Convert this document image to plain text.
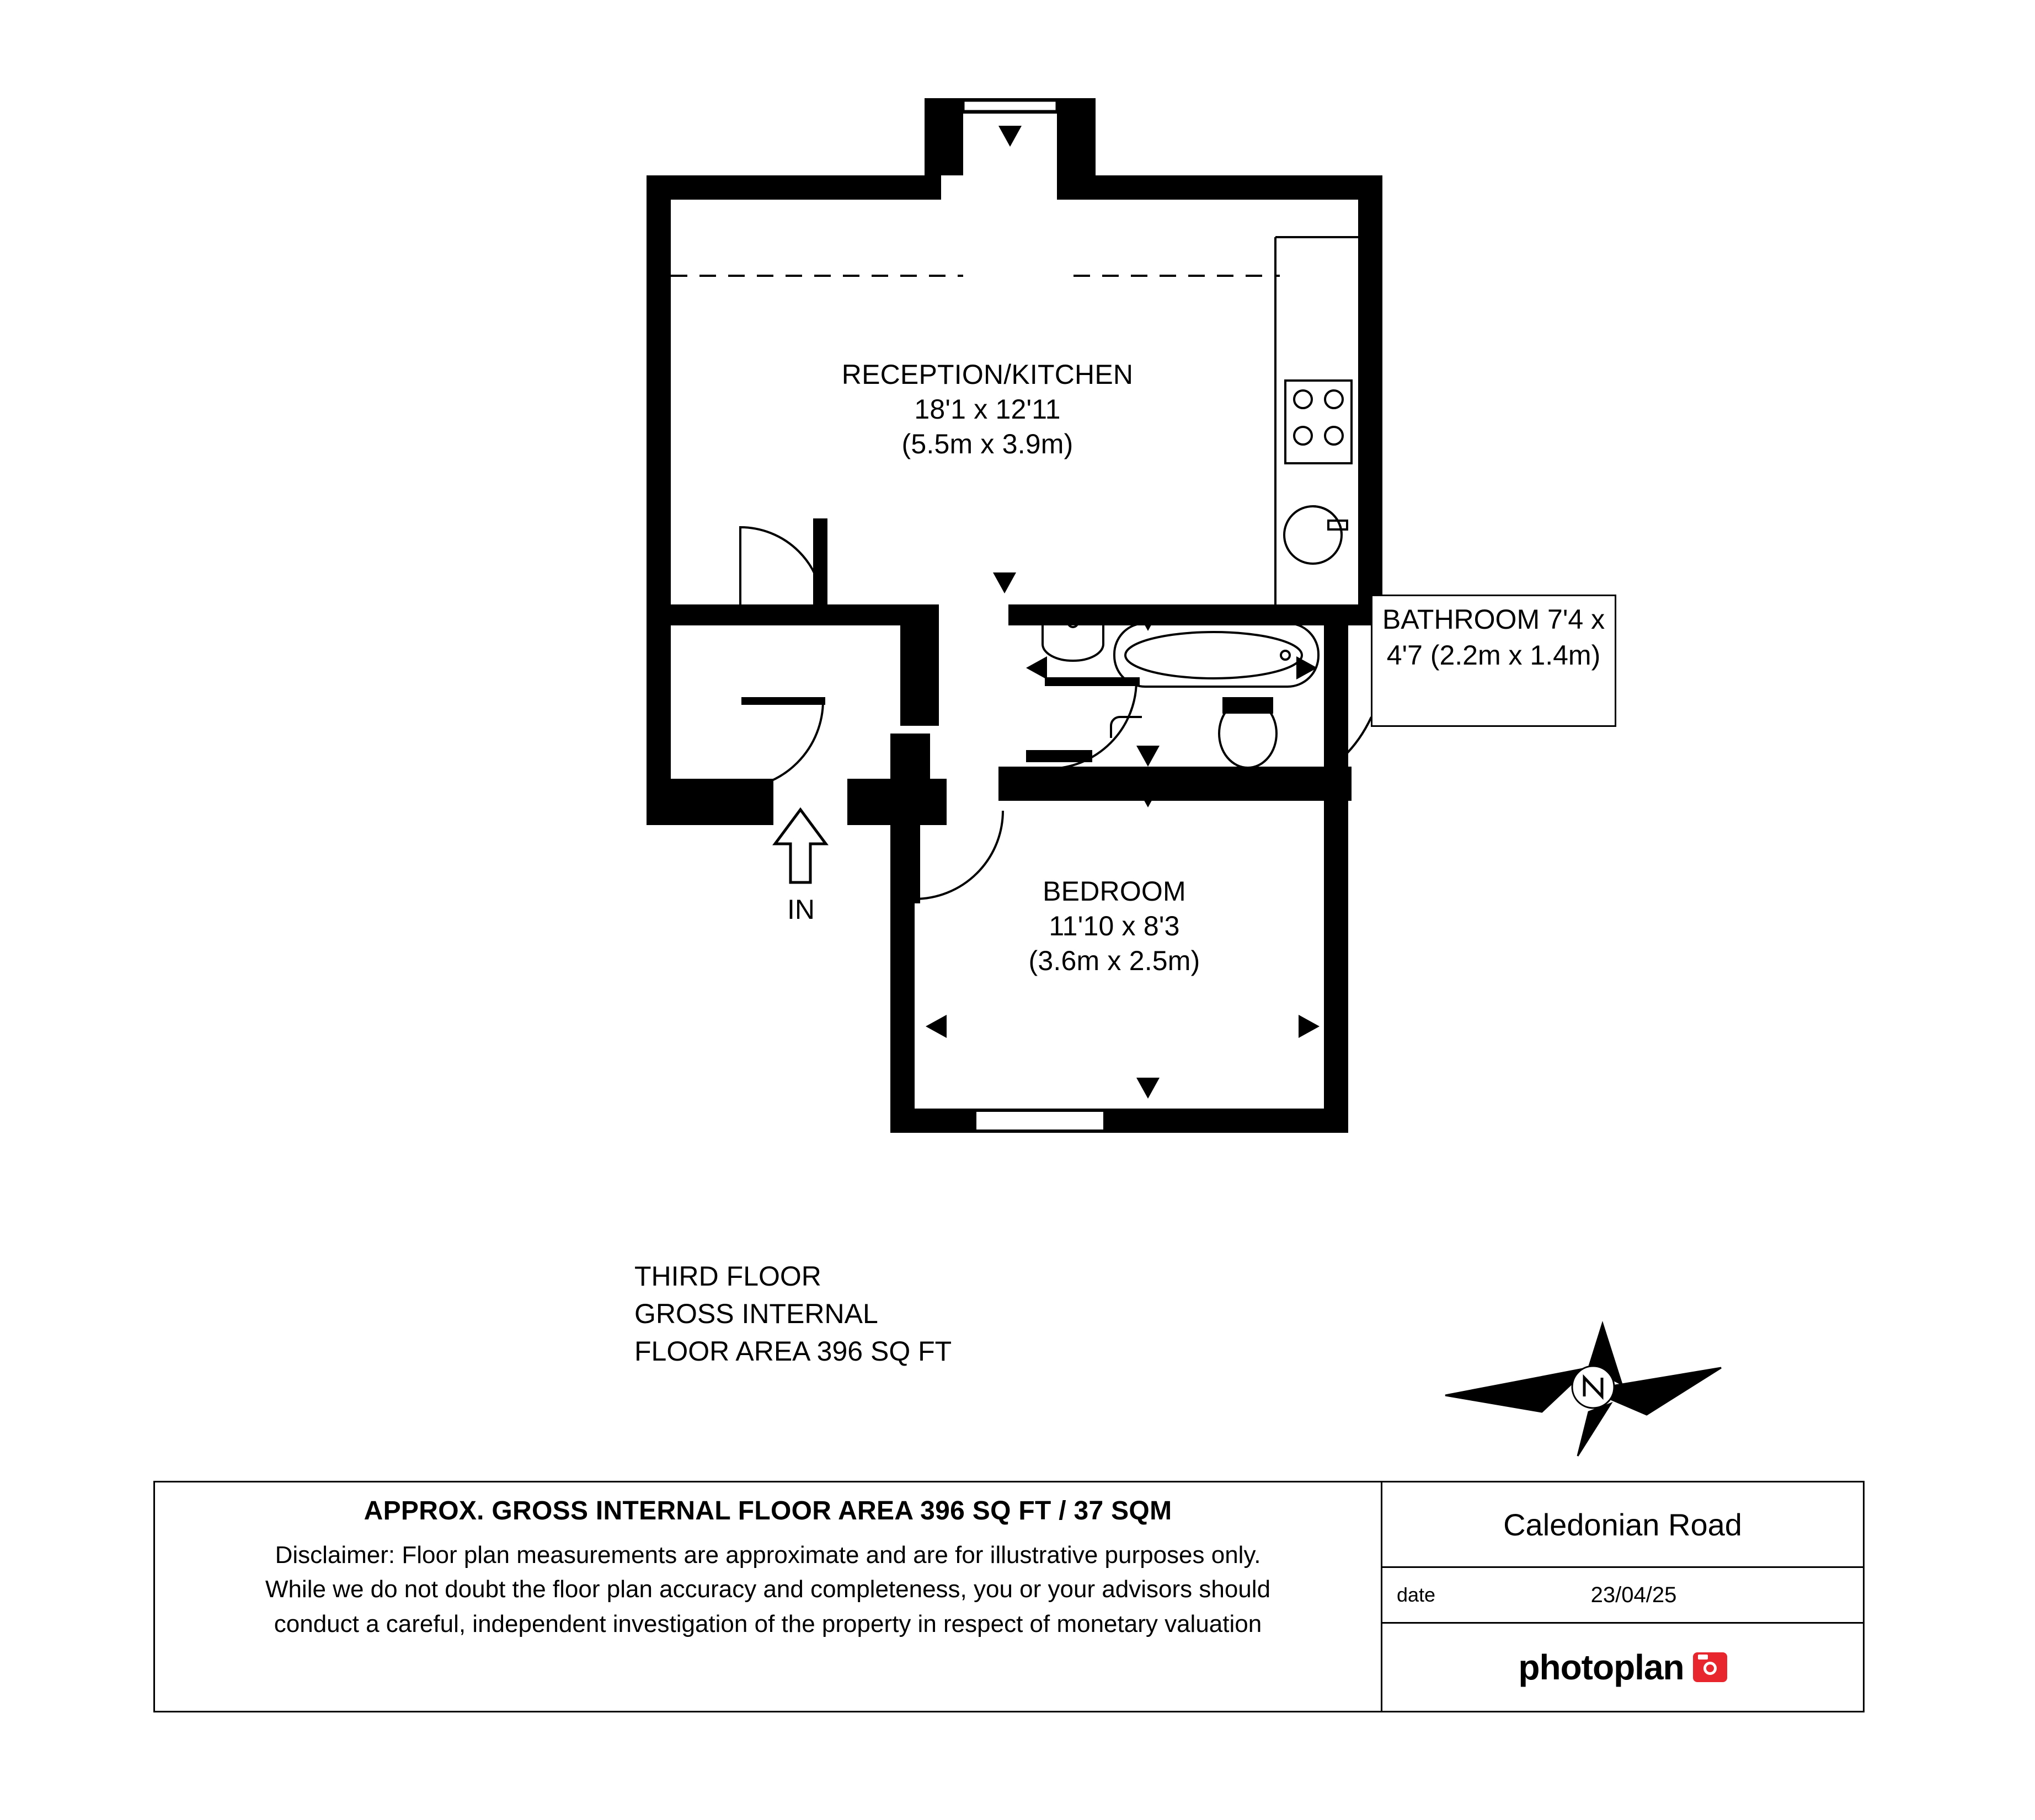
RECEPTION/KITCHEN
18'1 x 12'11
(5.5m x 3.9m)
BEDROOM
11'10 x 8'3
(3.6m x 2.5m)
BATHROOM 7'4 x 4'7 (2.2m x 1.4m)
IN
THIRD FLOOR
GROSS INTERNAL
FLOOR AREA 396 SQ FT
APPROX. GROSS INTERNAL FLOOR AREA 396 SQ FT / 37 SQM
Disclaimer: Floor plan measurements are approximate and are for illustrative purposes only.
While we do not doubt the floor plan accuracy and completeness, you or your advisors should
conduct a careful, independent investigation of the property in respect of monetary valuation
Caledonian Road
date	23/04/25
photoplan
